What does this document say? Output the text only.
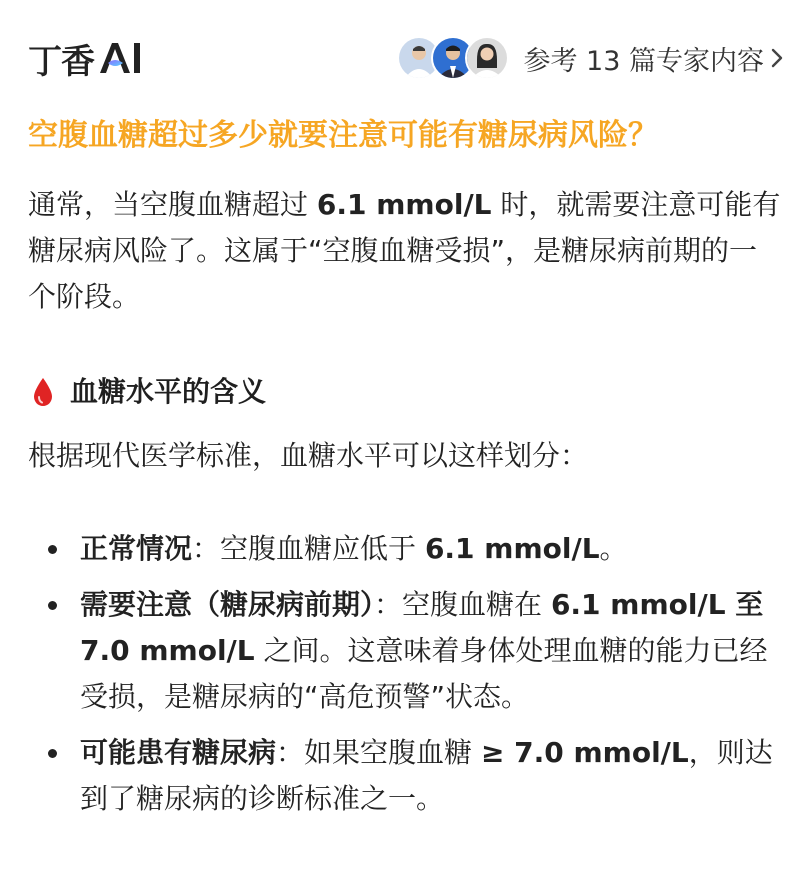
丁香	参考 13 篇专家内容
空腹血糖超过多少就要注意可能有糖尿病风险？

通常，当空腹血糖超过 6.1 mmol/L 时，就需要注意可能有糖尿病风险了。这属于“空腹血糖受损”，是糖尿病前期的一个阶段。

血糖水平的含义
根据现代医学标准，血糖水平可以这样划分：
正常情况：空腹血糖应低于 6.1 mmol/L。
需要注意（糖尿病前期）：空腹血糖在 6.1 mmol/L 至 7.0 mmol/L 之间。这意味着身体处理血糖的能力已经受损，是糖尿病的“高危预警”状态。
可能患有糖尿病：如果空腹血糖 ≥ 7.0 mmol/L，则达到了糖尿病的诊断标准之一。
